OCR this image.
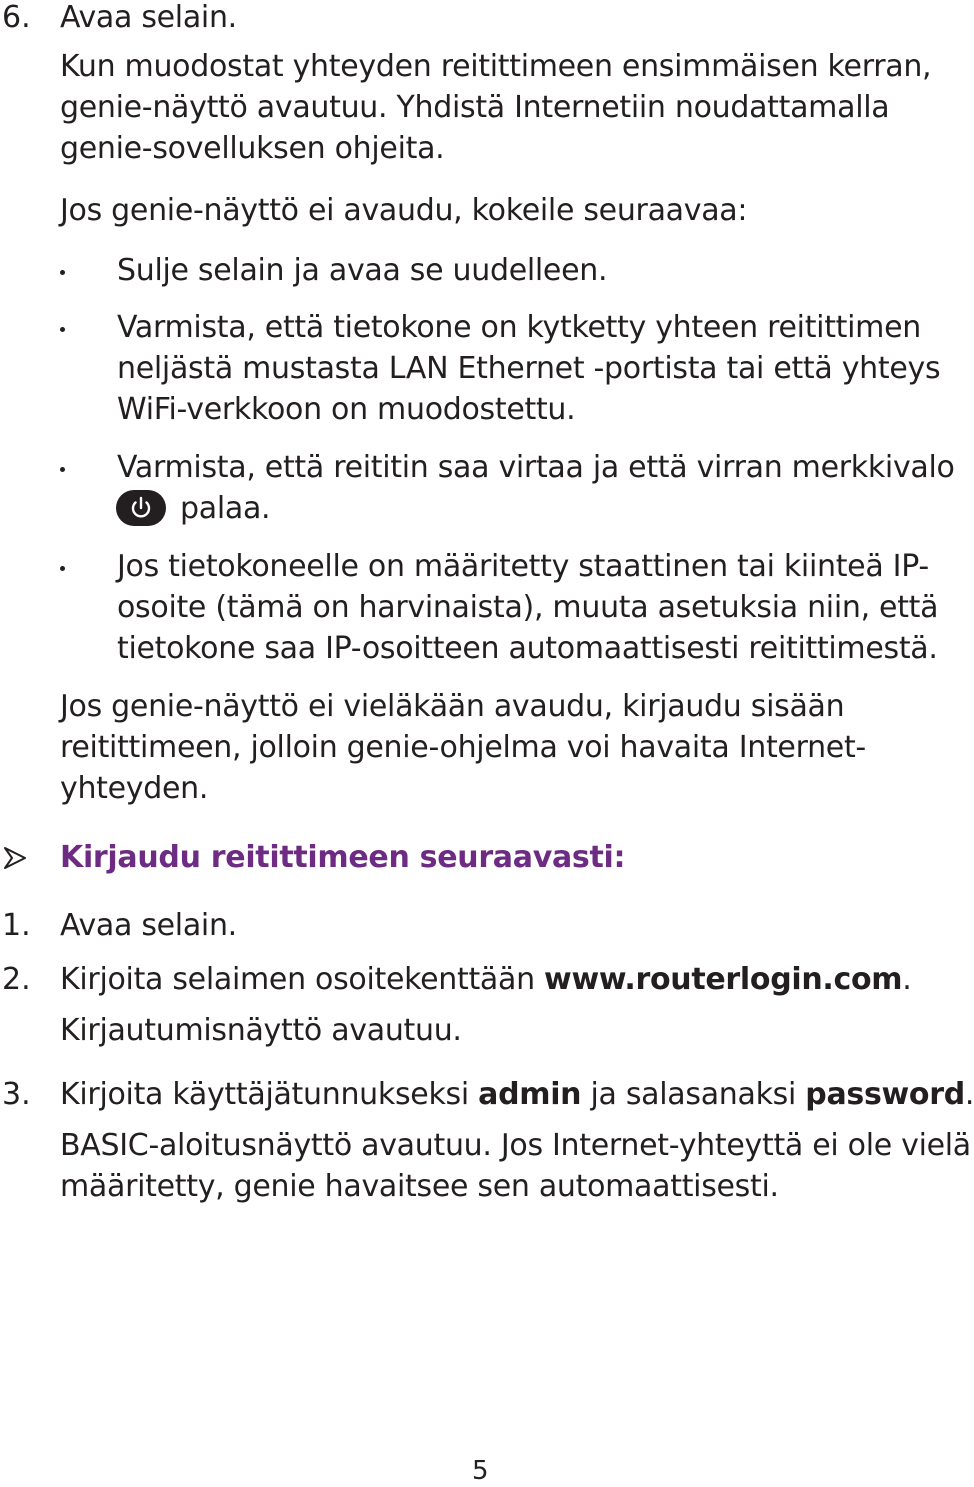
6. Avaa selain.
Kun muodostat yhteyden reitittimeen ensimmäisen kerran,
genie-näyttö avautuu. Yhdistä Internetiin noudattamalla
genie-sovelluksen ohjeita.
Jos genie-näyttö ei avaudu, kokeile seuraavaa:
Sulje selain ja avaa se uudelleen.
Varmista, että tietokone on kytketty yhteen reitittimen
neljästä mustasta LAN Ethernet -portista tai että yhteys
WiFi-verkkoon on muodostettu.
Varmista, että reititin saa virtaa ja että virran merkkivalo
palaa.
Jos tietokoneelle on määritetty staattinen tai kiinteä IP-
osoite (tämä on harvinaista), muuta asetuksia niin, että
tietokone saa IP-osoitteen automaattisesti reitittimestä.
Jos genie-näyttö ei vieläkään avaudu, kirjaudu sisään
reitittimeen, jolloin genie-ohjelma voi havaita Internet-
yhteyden.
Kirjaudu reitittimeen seuraavasti:
1. Avaa selain.
2. Kirjoita selaimen osoitekenttään www.routerlogin.com.
Kirjautumisnäyttö avautuu.
3. Kirjoita käyttäjätunnukseksi admin ja salasanaksi password.
BASIC-aloitusnäyttö avautuu. Jos Internet-yhteyttä ei ole vielä
määritetty, genie havaitsee sen automaattisesti.
5
